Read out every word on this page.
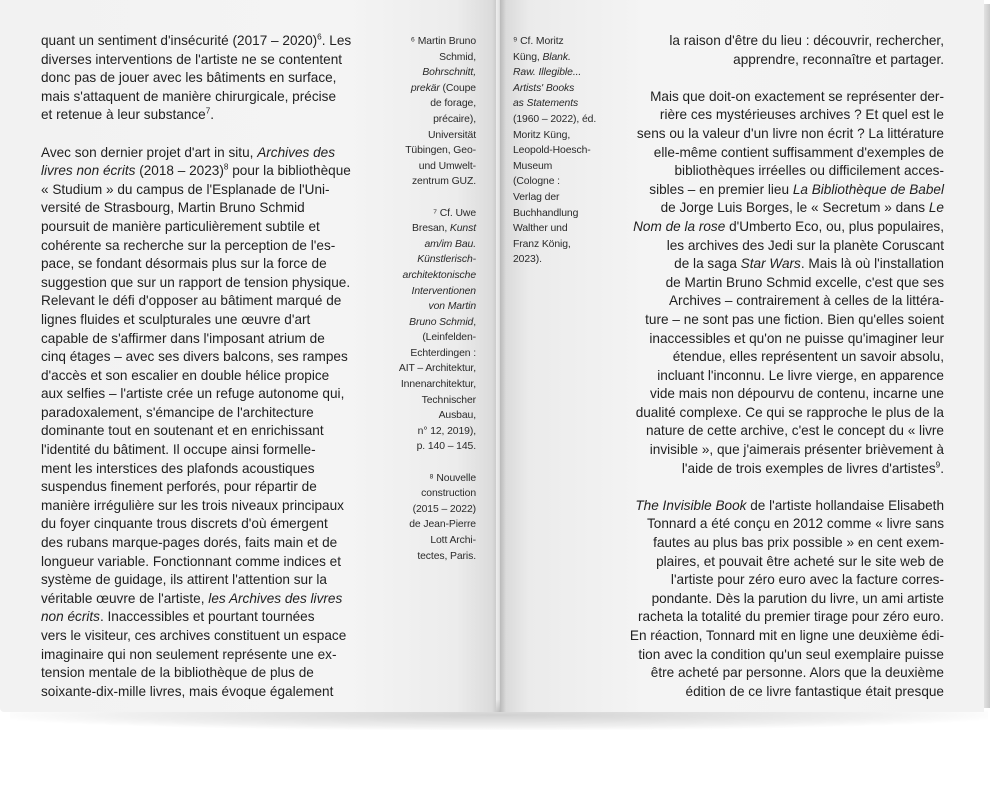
quant un sentiment d'insécurité (2017 – 2020)$^6$. Les
diverses interventions de l'artiste ne se contentent
donc pas de jouer avec les bâtiments en surface,
mais s'attaquent de manière chirurgicale, précise
et retenue à leur substance$^7$.

Avec son dernier projet d'art in situ, Archives des
livres non écrits (2018 – 2023)$^8$ pour la bibliothèque
« Studium » du campus de l'Esplanade de l'Uni-
versité de Strasbourg, Martin Bruno Schmid
poursuit de manière particulièrement subtile et
cohérente sa recherche sur la perception de l'es-
pace, se fondant désormais plus sur la force de
suggestion que sur un rapport de tension physique.
Relevant le défi d'opposer au bâtiment marqué de
lignes fluides et sculpturales une œuvre d'art
capable de s'affirmer dans l'imposant atrium de
cinq étages – avec ses divers balcons, ses rampes
d'accès et son escalier en double hélice propice
aux selfies – l'artiste crée un refuge autonome qui,
paradoxalement, s'émancipe de l'architecture
dominante tout en soutenant et en enrichissant
l'identité du bâtiment. Il occupe ainsi formelle-
ment les interstices des plafonds acoustiques
suspendus finement perforés, pour répartir de
manière irrégulière sur les trois niveaux principaux
du foyer cinquante trous discrets d'où émergent
des rubans marque-pages dorés, faits main et de
longueur variable. Fonctionnant comme indices et
système de guidage, ils attirent l'attention sur la
véritable œuvre de l'artiste, les Archives des livres
non écrits. Inaccessibles et pourtant tournées
vers le visiteur, ces archives constituent un espace
imaginaire qui non seulement représente une ex-
tension mentale de la bibliothèque de plus de
soixante-dix-mille livres, mais évoque également

⁶ Martin Bruno
Schmid,
Bohrschnitt,
prekär (Coupe
de forage,
précaire),
Universität
Tübingen, Geo-
und Umwelt-
zentrum GUZ.
⁷ Cf. Uwe
Bresan, Kunst
am/im Bau.
Künstlerisch-
architektonische
Interventionen
von Martin
Bruno Schmid,
(Leinfelden-
Echterdingen :
AIT – Architektur,
Innenarchitektur,
Technischer
Ausbau,
n° 12, 2019),
p. 140 – 145.
⁸ Nouvelle
construction
(2015 – 2022)
de Jean-Pierre
Lott Archi-
tectes, Paris.
⁹ Cf. Moritz
Küng, Blank.
Raw. Illegible...
Artists' Books
as Statements
(1960 – 2022), éd.
Moritz Küng,
Leopold-Hoesch-
Museum
(Cologne :
Verlag der
Buchhandlung
Walther und
Franz König,
2023).

la raison d'être du lieu : découvrir, rechercher,
apprendre, reconnaître et partager.

Mais que doit-on exactement se représenter der-
rière ces mystérieuses archives ? Et quel est le
sens ou la valeur d'un livre non écrit ? La littérature
elle-même contient suffisamment d'exemples de
bibliothèques irréelles ou difficilement acces-
sibles – en premier lieu La Bibliothèque de Babel
de Jorge Luis Borges, le « Secretum » dans Le
Nom de la rose d'Umberto Eco, ou, plus populaires,
les archives des Jedi sur la planète Coruscant
de la saga Star Wars. Mais là où l'installation
de Martin Bruno Schmid excelle, c'est que ses
Archives – contrairement à celles de la littéra-
ture – ne sont pas une fiction. Bien qu'elles soient
inaccessibles et qu'on ne puisse qu'imaginer leur
étendue, elles représentent un savoir absolu,
incluant l'inconnu. Le livre vierge, en apparence
vide mais non dépourvu de contenu, incarne une
dualité complexe. Ce qui se rapproche le plus de la
nature de cette archive, c'est le concept du « livre
invisible », que j'aimerais présenter brièvement à
l'aide de trois exemples de livres d'artistes$^9$.

The Invisible Book de l'artiste hollandaise Elisabeth
Tonnard a été conçu en 2012 comme « livre sans
fautes au plus bas prix possible » en cent exem-
plaires, et pouvait être acheté sur le site web de
l'artiste pour zéro euro avec la facture corres-
pondante. Dès la parution du livre, un ami artiste
racheta la totalité du premier tirage pour zéro euro.
En réaction, Tonnard mit en ligne une deuxième édi-
tion avec la condition qu'un seul exemplaire puisse
être acheté par personne. Alors que la deuxième
édition de ce livre fantastique était presque
